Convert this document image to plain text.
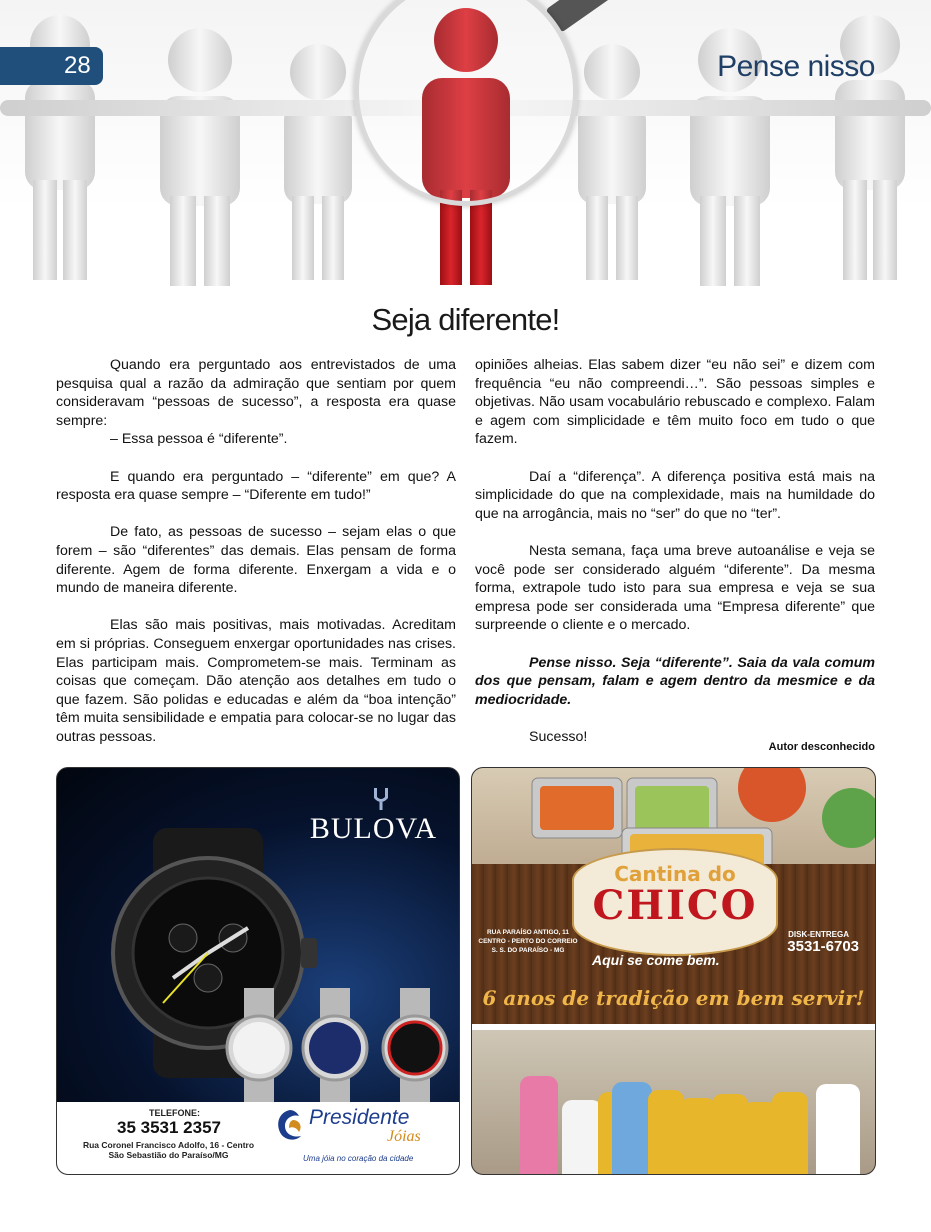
28	Pense nisso
Seja diferente!

Quando era perguntado aos entrevistados de uma pesquisa qual a razão da admiração que sentiam por quem consideravam “pessoas de sucesso”, a resposta era quase sempre:

– Essa pessoa é “diferente”.

E quando era perguntado – “diferente” em que? A resposta era quase sempre – “Diferente em tudo!”

De fato, as pessoas de sucesso – sejam elas o que forem – são “diferentes” das demais. Elas pensam de forma diferente. Agem de forma diferente. Enxergam a vida e o mundo de maneira diferente.

Elas são mais positivas, mais motivadas. Acreditam em si próprias. Conseguem enxergar oportunidades nas crises. Elas participam mais. Comprometem-se mais. Terminam as coisas que começam. Dão atenção aos detalhes em tudo o que fazem. São polidas e educadas e além da “boa intenção” têm muita sensibilidade e empatia para colocar-se no lugar das outras pessoas.

opiniões alheias. Elas sabem dizer “eu não sei” e dizem com frequência “eu não compreendi…”. São pessoas simples e objetivas. Não usam vocabulário rebuscado e complexo. Falam e agem com simplicidade e têm muito foco em tudo o que fazem.

Daí a “diferença”. A diferença positiva está mais na simplicidade do que na complexidade, mais na humildade do que na arrogância, mais no “ser” do que no “ter”.

Nesta semana, faça uma breve autoanálise e veja se você pode ser considerado alguém “diferente”. Da mesma forma, extrapole tudo isto para sua empresa e veja se sua empresa pode ser considerada uma “Empresa diferente” que surpreende o cliente e o mercado.

Pense nisso. Seja “diferente”. Saia da vala comum dos que pensam, falam e agem dentro da mesmice e da mediocridade.

Sucesso!

Autor desconhecido
BULOVA
TELEFONE:
35 3531 2357
Rua Coronel Francisco Adolfo, 16 - Centro
São Sebastião do Paraíso/MG
Presidente
Jóias
Uma jóia no coração da cidade
Cantina do
CHICO
Aqui se come bem.
RUA PARAÍSO ANTIGO, 11
CENTRO - PERTO DO CORREIO
S. S. DO PARAÍSO - MG
DISK-ENTREGA
3531-6703
6 anos de tradição em bem servir!
